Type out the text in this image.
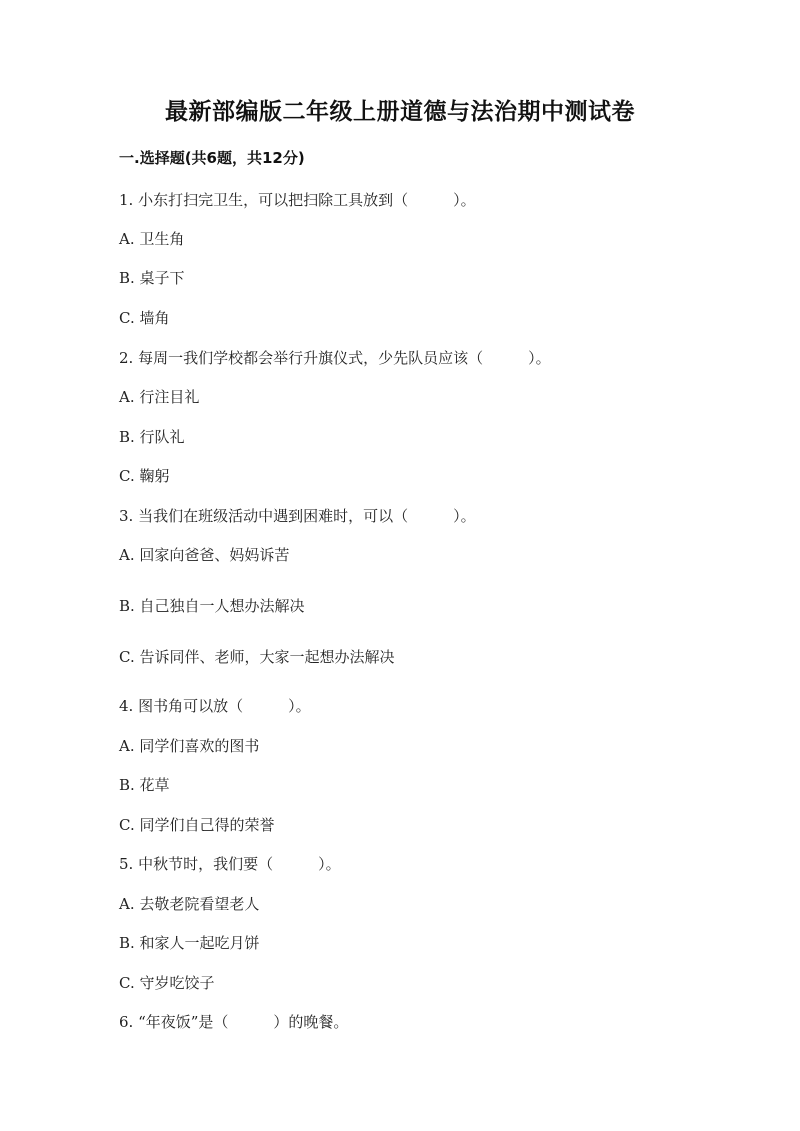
最新部编版二年级上册道德与法治期中测试卷
一.选择题(共6题，共12分)
1. 小东打扫完卫生，可以把扫除工具放到（　　　）。
A. 卫生角
B. 桌子下
C. 墙角
2. 每周一我们学校都会举行升旗仪式，少先队员应该（　　　）。
A. 行注目礼
B. 行队礼
C. 鞠躬
3. 当我们在班级活动中遇到困难时，可以（　　　）。
A. 回家向爸爸、妈妈诉苦
B. 自己独自一人想办法解决
C. 告诉同伴、老师，大家一起想办法解决
4. 图书角可以放（　　　）。
A. 同学们喜欢的图书
B. 花草
C. 同学们自己得的荣誉
5. 中秋节时，我们要（　　　）。
A. 去敬老院看望老人
B. 和家人一起吃月饼
C. 守岁吃饺子
6. “年夜饭”是（　　　）的晚餐。
